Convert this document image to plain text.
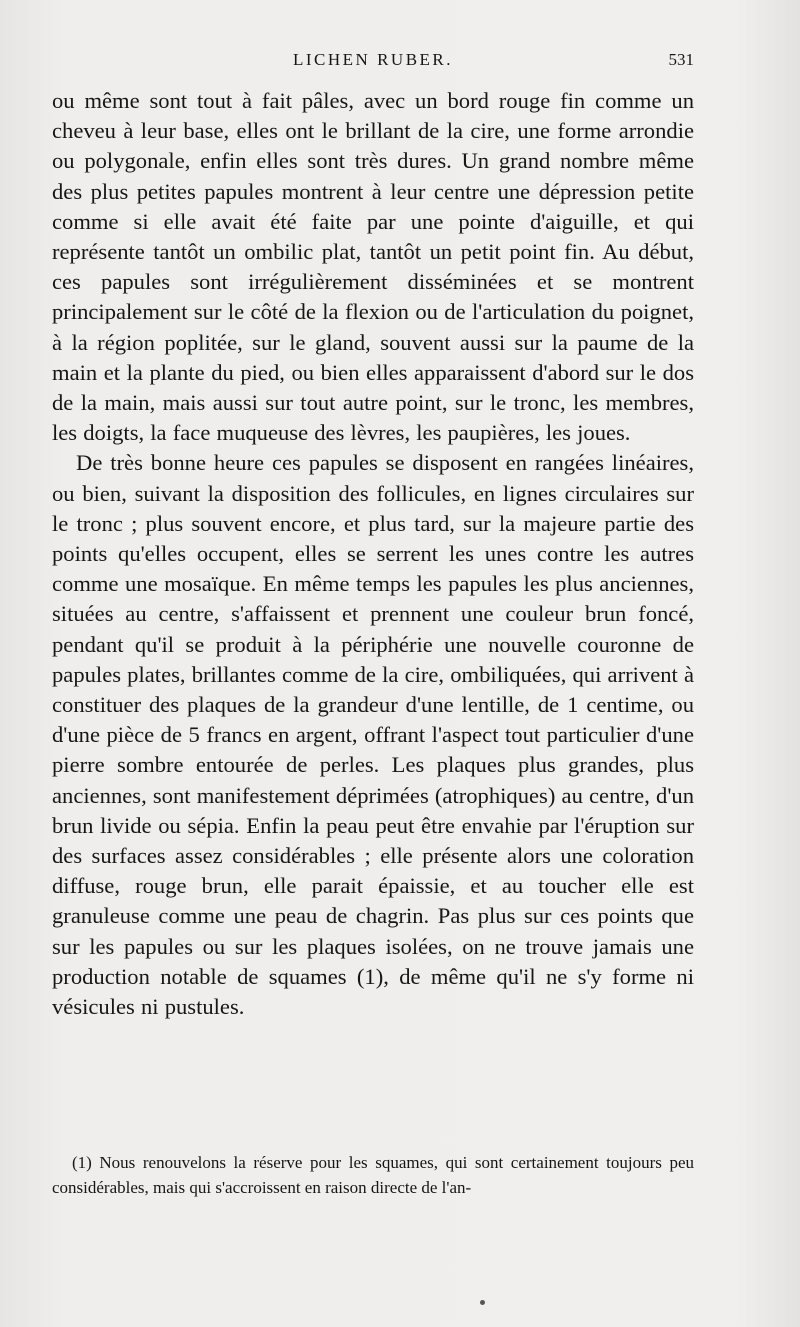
LICHEN RUBER.	531

ou même sont tout à fait pâles, avec un bord rouge fin comme un cheveu à leur base, elles ont le brillant de la cire, une forme arrondie ou polygonale, enfin elles sont très dures. Un grand nombre même des plus petites papules montrent à leur centre une dépression petite comme si elle avait été faite par une pointe d'aiguille, et qui représente tantôt un ombilic plat, tantôt un petit point fin. Au début, ces papules sont irrégulièrement disséminées et se montrent principalement sur le côté de la flexion ou de l'articulation du poignet, à la région poplitée, sur le gland, souvent aussi sur la paume de la main et la plante du pied, ou bien elles apparaissent d'abord sur le dos de la main, mais aussi sur tout autre point, sur le tronc, les membres, les doigts, la face muqueuse des lèvres, les paupières, les joues.

De très bonne heure ces papules se disposent en rangées linéaires, ou bien, suivant la disposition des follicules, en lignes circulaires sur le tronc ; plus souvent encore, et plus tard, sur la majeure partie des points qu'elles occupent, elles se serrent les unes contre les autres comme une mosaïque. En même temps les papules les plus anciennes, situées au centre, s'affaissent et prennent une couleur brun foncé, pendant qu'il se produit à la périphérie une nouvelle couronne de papules plates, brillantes comme de la cire, ombiliquées, qui arrivent à constituer des plaques de la grandeur d'une lentille, de 1 centime, ou d'une pièce de 5 francs en argent, offrant l'aspect tout particulier d'une pierre sombre entourée de perles. Les plaques plus grandes, plus anciennes, sont manifestement déprimées (atrophiques) au centre, d'un brun livide ou sépia. Enfin la peau peut être envahie par l'éruption sur des surfaces assez considérables ; elle présente alors une coloration diffuse, rouge brun, elle parait épaissie, et au toucher elle est granuleuse comme une peau de chagrin. Pas plus sur ces points que sur les papules ou sur les plaques isolées, on ne trouve jamais une production notable de squames (1), de même qu'il ne s'y forme ni vésicules ni pustules.

(1) Nous renouvelons la réserve pour les squames, qui sont certainement toujours peu considérables, mais qui s'accroissent en raison directe de l'an-
